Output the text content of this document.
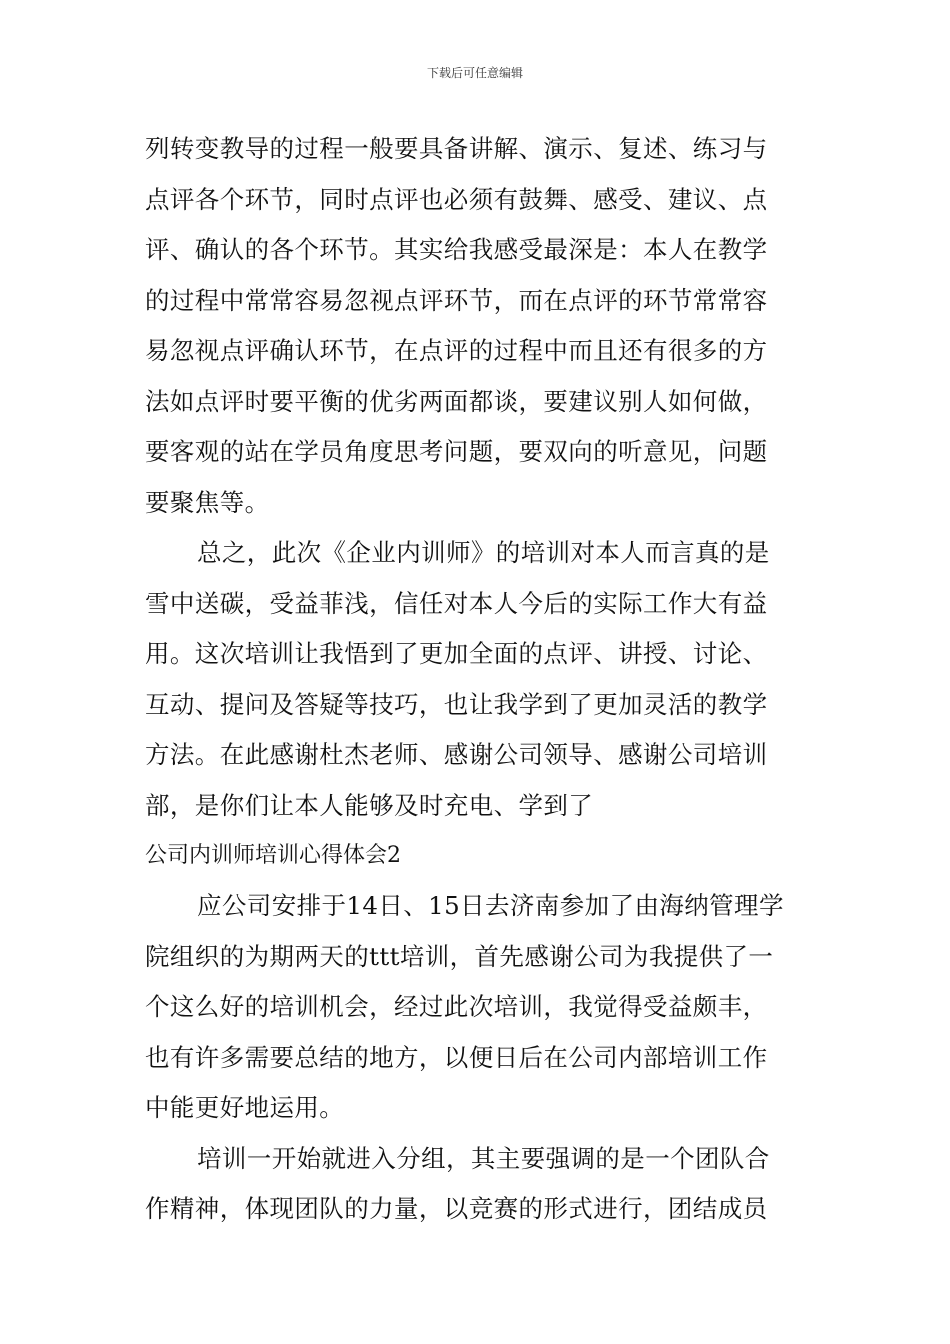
下载后可任意编辑
列转变教导的过程一般要具备讲解、演示、复述、练习与
点评各个环节，同时点评也必须有鼓舞、感受、建议、点
评、确认的各个环节。其实给我感受最深是：本人在教学
的过程中常常容易忽视点评环节，而在点评的环节常常容
易忽视点评确认环节，在点评的过程中而且还有很多的方
法如点评时要平衡的优劣两面都谈，要建议别人如何做，
要客观的站在学员角度思考问题，要双向的听意见，问题
要聚焦等。
总之，此次《企业内训师》的培训对本人而言真的是
雪中送碳，受益菲浅，信任对本人今后的实际工作大有益
用。这次培训让我悟到了更加全面的点评、讲授、讨论、
互动、提问及答疑等技巧，也让我学到了更加灵活的教学
方法。在此感谢杜杰老师、感谢公司领导、感谢公司培训
部，是你们让本人能够及时充电、学到了
公司内训师培训心得体会2
应公司安排于14日、15日去济南参加了由海纳管理学
院组织的为期两天的ttt培训，首先感谢公司为我提供了一
个这么好的培训机会，经过此次培训，我觉得受益颇丰，
也有许多需要总结的地方，以便日后在公司内部培训工作
中能更好地运用。
培训一开始就进入分组，其主要强调的是一个团队合
作精神，体现团队的力量，以竞赛的形式进行，团结成员
